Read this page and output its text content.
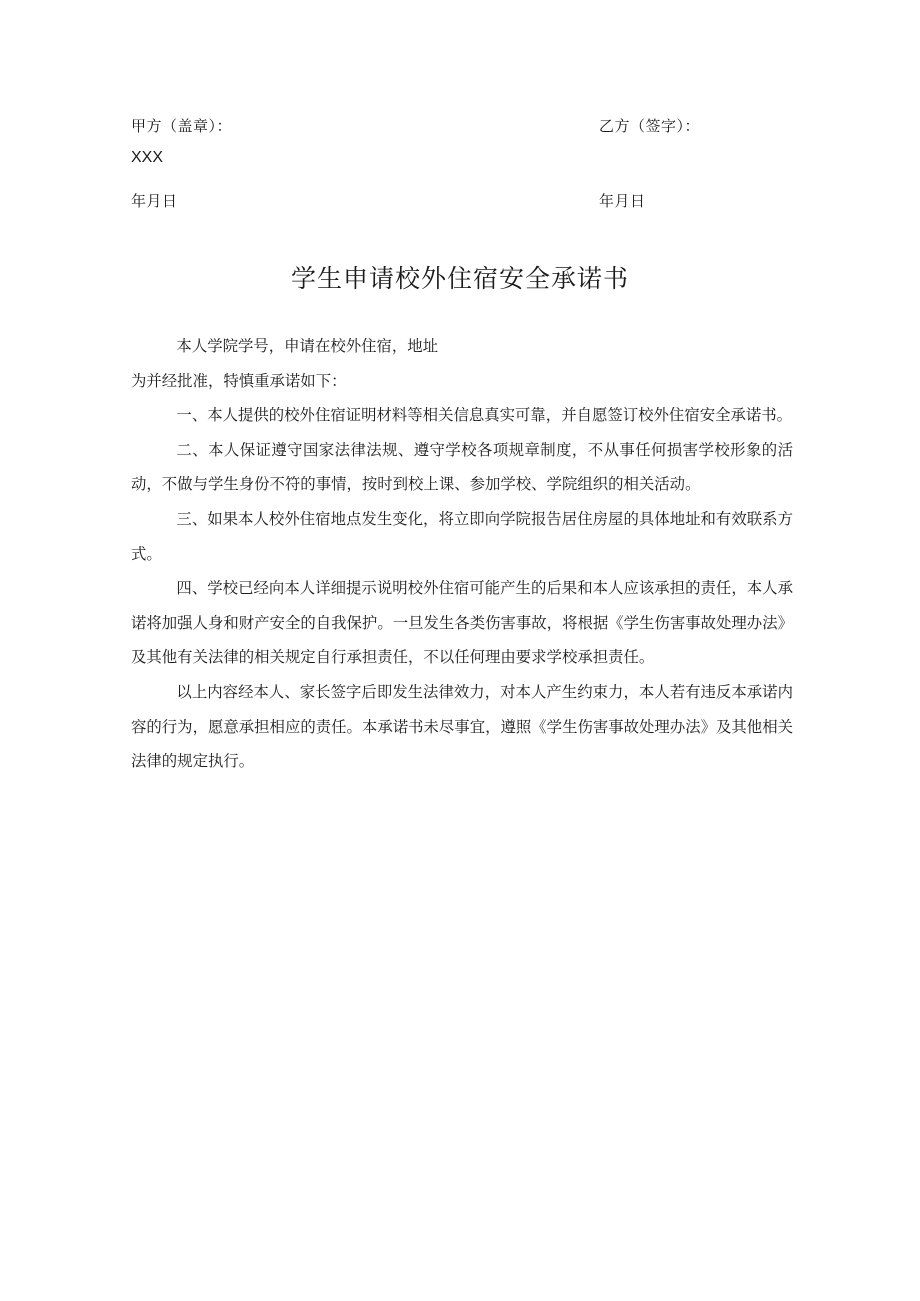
甲方（盖章）：
XXX
年月日
乙方（签字）：
年月日
学生申请校外住宿安全承诺书

本人学院学号，申请在校外住宿，地址

为并经批准，特慎重承诺如下：

一、本人提供的校外住宿证明材料等相关信息真实可靠，并自愿签订校外住宿安全承诺书。

二、本人保证遵守国家法律法规、遵守学校各项规章制度，不从事任何损害学校形象的活动，不做与学生身份不符的事情，按时到校上课、参加学校、学院组织的相关活动。

三、如果本人校外住宿地点发生变化，将立即向学院报告居住房屋的具体地址和有效联系方式。

四、学校已经向本人详细提示说明校外住宿可能产生的后果和本人应该承担的责任，本人承诺将加强人身和财产安全的自我保护。一旦发生各类伤害事故，将根据《学生伤害事故处理办法》及其他有关法律的相关规定自行承担责任，不以任何理由要求学校承担责任。

以上内容经本人、家长签字后即发生法律效力，对本人产生约束力，本人若有违反本承诺内容的行为，愿意承担相应的责任。本承诺书未尽事宜，遵照《学生伤害事故处理办法》及其他相关法律的规定执行。
